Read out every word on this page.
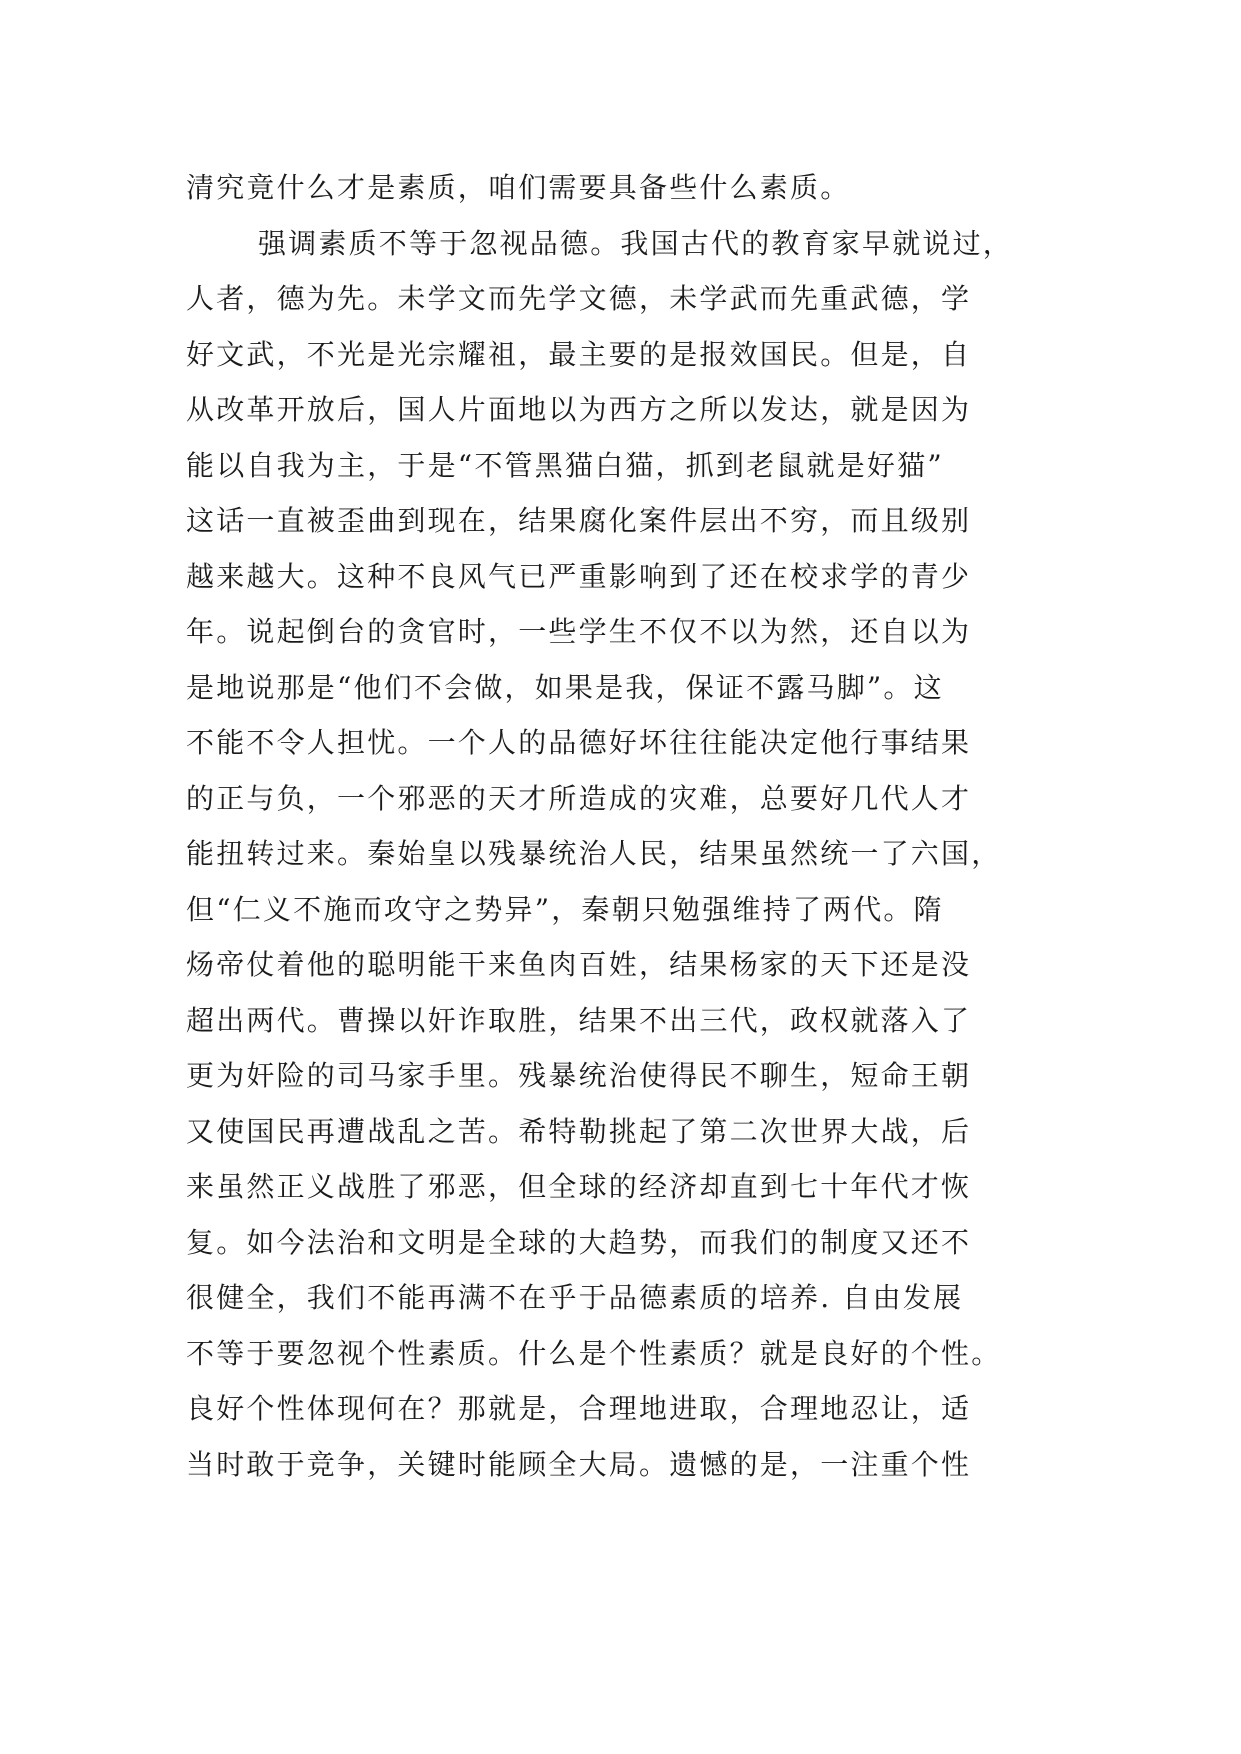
清究竟什么才是素质，咱们需要具备些什么素质。
强调素质不等于忽视品德。我国古代的教育家早就说过，
人者，德为先。未学文而先学文德，未学武而先重武德，学
好文武，不光是光宗耀祖，最主要的是报效国民。但是，自
从改革开放后，国人片面地以为西方之所以发达，就是因为
能以自我为主，于是“不管黑猫白猫，抓到老鼠就是好猫”
这话一直被歪曲到现在，结果腐化案件层出不穷，而且级别
越来越大。这种不良风气已严重影响到了还在校求学的青少
年。说起倒台的贪官时，一些学生不仅不以为然，还自以为
是地说那是“他们不会做，如果是我，保证不露马脚”。这
不能不令人担忧。一个人的品德好坏往往能决定他行事结果
的正与负，一个邪恶的天才所造成的灾难，总要好几代人才
能扭转过来。秦始皇以残暴统治人民，结果虽然统一了六国，
但“仁义不施而攻守之势异”，秦朝只勉强维持了两代。隋
炀帝仗着他的聪明能干来鱼肉百姓，结果杨家的天下还是没
超出两代。曹操以奸诈取胜，结果不出三代，政权就落入了
更为奸险的司马家手里。残暴统治使得民不聊生，短命王朝
又使国民再遭战乱之苦。希特勒挑起了第二次世界大战，后
来虽然正义战胜了邪恶，但全球的经济却直到七十年代才恢
复。如今法治和文明是全球的大趋势，而我们的制度又还不
很健全，我们不能再满不在乎于品德素质的培养. 自由发展
不等于要忽视个性素质。什么是个性素质？就是良好的个性。
良好个性体现何在？那就是，合理地进取，合理地忍让，适
当时敢于竞争，关键时能顾全大局。遗憾的是，一注重个性
